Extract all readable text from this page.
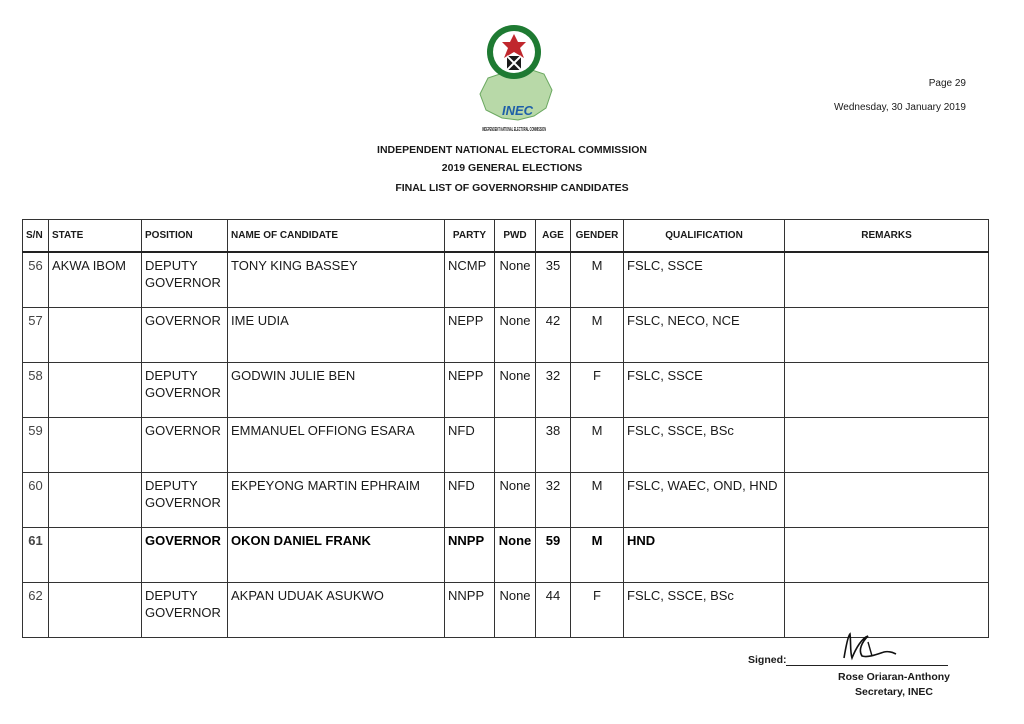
INEC
INDEPENDENT NATIONAL ELECTORAL COMMISSION
Page 29
Wednesday, 30 January 2019
INDEPENDENT NATIONAL ELECTORAL COMMISSION
2019 GENERAL ELECTIONS
FINAL LIST OF GOVERNORSHIP CANDIDATES
S/N	STATE	POSITION	NAME OF CANDIDATE	PARTY	PWD	AGE	GENDER	QUALIFICATION	REMARKS
56	AKWA IBOM	DEPUTY GOVERNOR	TONY KING BASSEY	NCMP	None	35	M	FSLC, SSCE	
57		GOVERNOR	IME UDIA	NEPP	None	42	M	FSLC, NECO, NCE	
58		DEPUTY GOVERNOR	GODWIN JULIE BEN	NEPP	None	32	F	FSLC, SSCE	
59		GOVERNOR	EMMANUEL OFFIONG ESARA	NFD		38	M	FSLC, SSCE, BSc	
60		DEPUTY GOVERNOR	EKPEYONG MARTIN EPHRAIM	NFD	None	32	M	FSLC, WAEC, OND, HND	
61		GOVERNOR	OKON DANIEL FRANK	NNPP	None	59	M	HND	
62		DEPUTY GOVERNOR	AKPAN UDUAK ASUKWO	NNPP	None	44	F	FSLC, SSCE, BSc	
Signed:
Rose Oriaran-Anthony
Secretary, INEC
